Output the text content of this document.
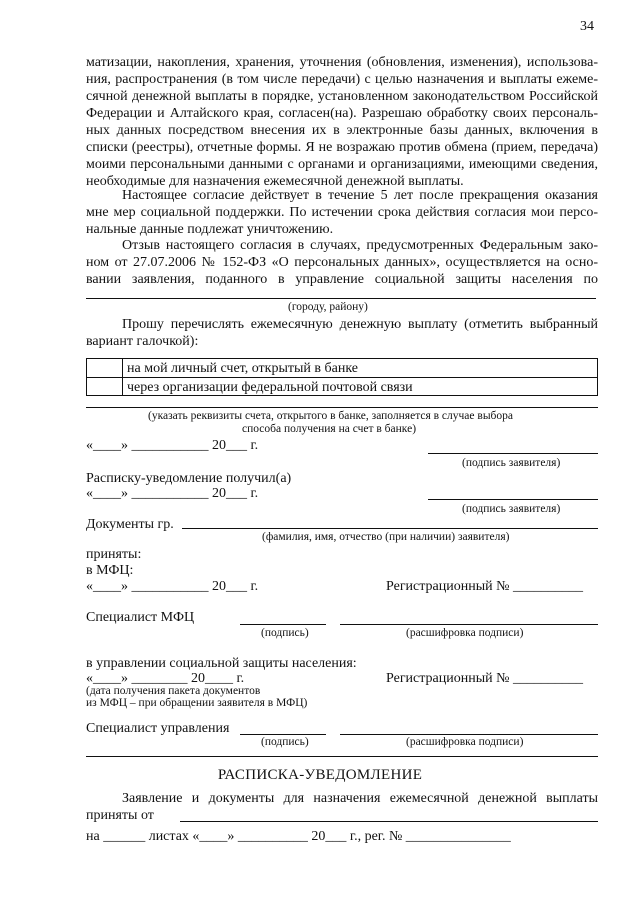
34
матизации, накопления, хранения, уточнения (обновления, изменения), использова-
ния, распространения (в том числе передачи) с целью назначения и выплаты ежеме-
сячной денежной выплаты в порядке, установленном законодательством Российской
Федерации и Алтайского края, согласен(на). Разрешаю обработку своих персональ-
ных данных посредством внесения их в электронные базы данных, включения в
списки (реестры), отчетные формы. Я не возражаю против обмена (прием, передача)
моими персональными данными с органами и организациями, имеющими сведения,
необходимые для назначения ежемесячной денежной выплаты.
Настоящее согласие действует в течение 5 лет после прекращения оказания
мне мер социальной поддержки. По истечении срока действия согласия мои персо-
нальные данные подлежат уничтожению.
Отзыв настоящего согласия в случаях, предусмотренных Федеральным зако-
ном от 27.07.2006 № 152-ФЗ «О персональных данных», осуществляется на осно-
вании заявления, поданного в управление социальной защиты населения по
(городу, району)
Прошу перечислять ежемесячную денежную выплату (отметить выбранный
вариант галочкой):
на мой личный счет, открытый в банке
через организации федеральной почтовой связи
(указать реквизиты счета, открытого в банке, заполняется в случае выбора
способа получения на счет в банке)
«____» ___________ 20___ г.
(подпись заявителя)
Расписку-уведомление получил(а)
«____» ___________ 20___ г.
(подпись заявителя)
Документы гр.
(фамилия, имя, отчество (при наличии) заявителя)
приняты:
в МФЦ:
«____» ___________ 20___ г.	Регистрационный № __________
Специалист МФЦ
(подпись)	(расшифровка подписи)
в управлении социальной защиты населения:
«____» ________ 20____ г.	Регистрационный № __________
(дата получения пакета документов
из МФЦ – при обращении заявителя в МФЦ)
Специалист управления
(подпись)	(расшифровка подписи)
РАСПИСКА-УВЕДОМЛЕНИЕ
Заявление и документы для назначения ежемесячной денежной выплаты
приняты от
на ______ листах «____» __________ 20___ г., рег. № _______________
